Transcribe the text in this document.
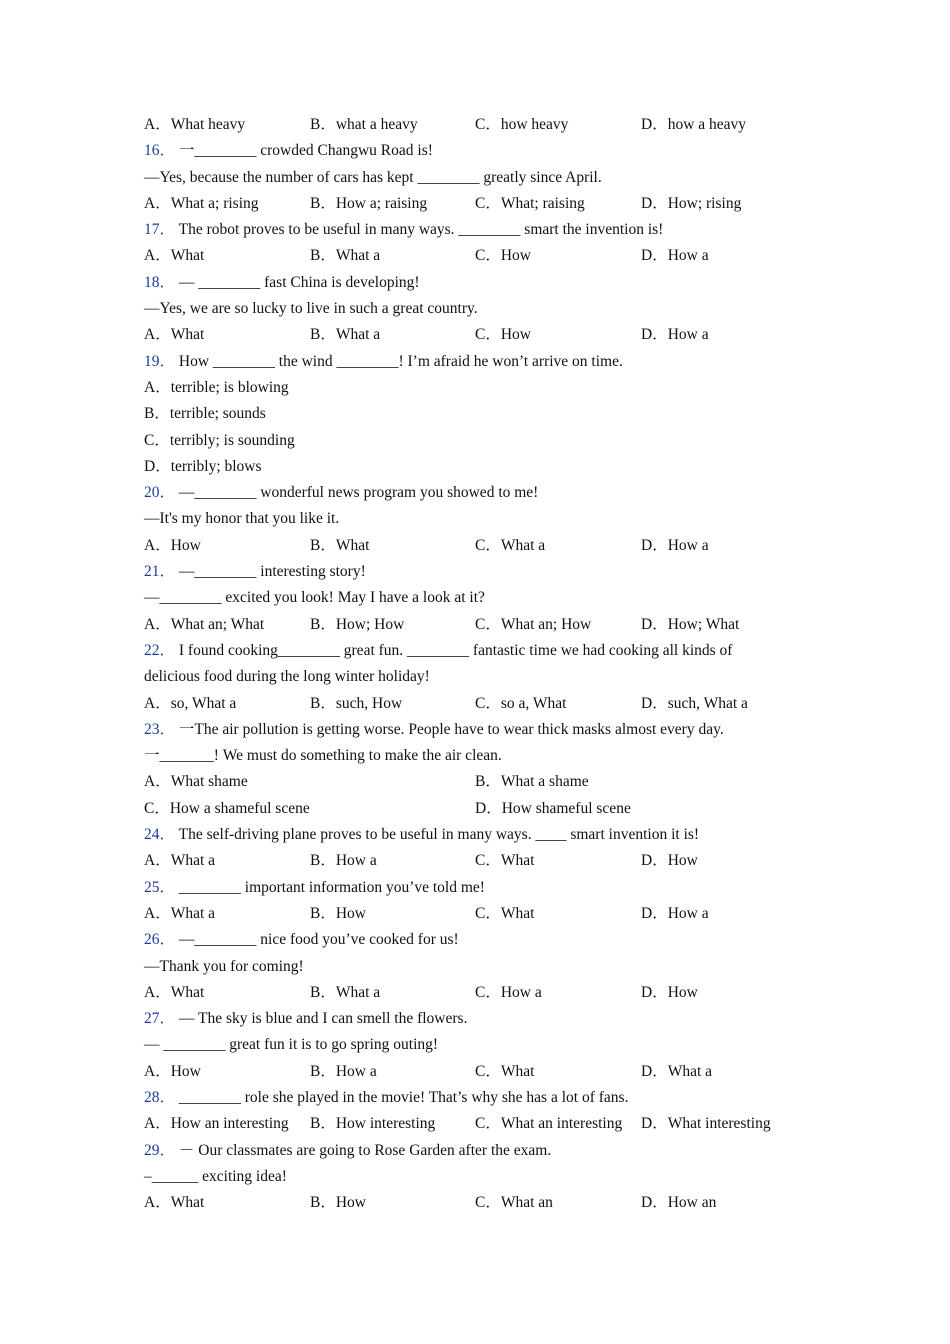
A．What heavy	B．what a heavy	C．how heavy	D．how a heavy
16． 一________ crowded Changwu Road is!
—Yes, because the number of cars has kept ________ greatly since April.
A．What a; rising	B．How a; raising	C．What; raising	D．How; rising
17． The robot proves to be useful in many ways. ________ smart the invention is!
A．What	B．What a	C．How	D．How a
18． — ________ fast China is developing!
—Yes, we are so lucky to live in such a great country.
A．What	B．What a	C．How	D．How a
19． How ________ the wind ________! I’m afraid he won’t arrive on time.
A．terrible; is blowing
B．terrible; sounds
C．terribly; is sounding
D．terribly; blows
20． —________ wonderful news program you showed to me!
—It's my honor that you like it.
A．How	B．What	C．What a	D．How a
21． —________ interesting story!
—________ excited you look! May I have a look at it?
A．What an; What	B．How; How	C．What an; How	D．How; What
22． I found cooking________ great fun. ________ fantastic time we had cooking all kinds of
delicious food during the long winter holiday!
A．so, What a	B．such, How	C．so a, What	D．such, What a
23． 一The air pollution is getting worse. People have to wear thick masks almost every day.
一_______! We must do something to make the air clean.
A．What shame	B．What a shame
C．How a shameful scene	D．How shameful scene
24． The self-driving plane proves to be useful in many ways. ____ smart invention it is!
A．What a	B．How a	C．What	D．How
25． ________ important information you’ve told me!
A．What a	B．How	C．What	D．How a
26． —________ nice food you’ve cooked for us!
—Thank you for coming!
A．What	B．What a	C．How a	D．How
27． — The sky is blue and I can smell the flowers.
— ________ great fun it is to go spring outing!
A．How	B．How a	C．What	D．What a
28． ________ role she played in the movie! That’s why she has a lot of fans.
A．How an interesting B．How interesting	C．What an interesting D．What interesting
29． － Our classmates are going to Rose Garden after the exam.
–______ exciting idea!
A．What	B．How	C．What an	D．How an
